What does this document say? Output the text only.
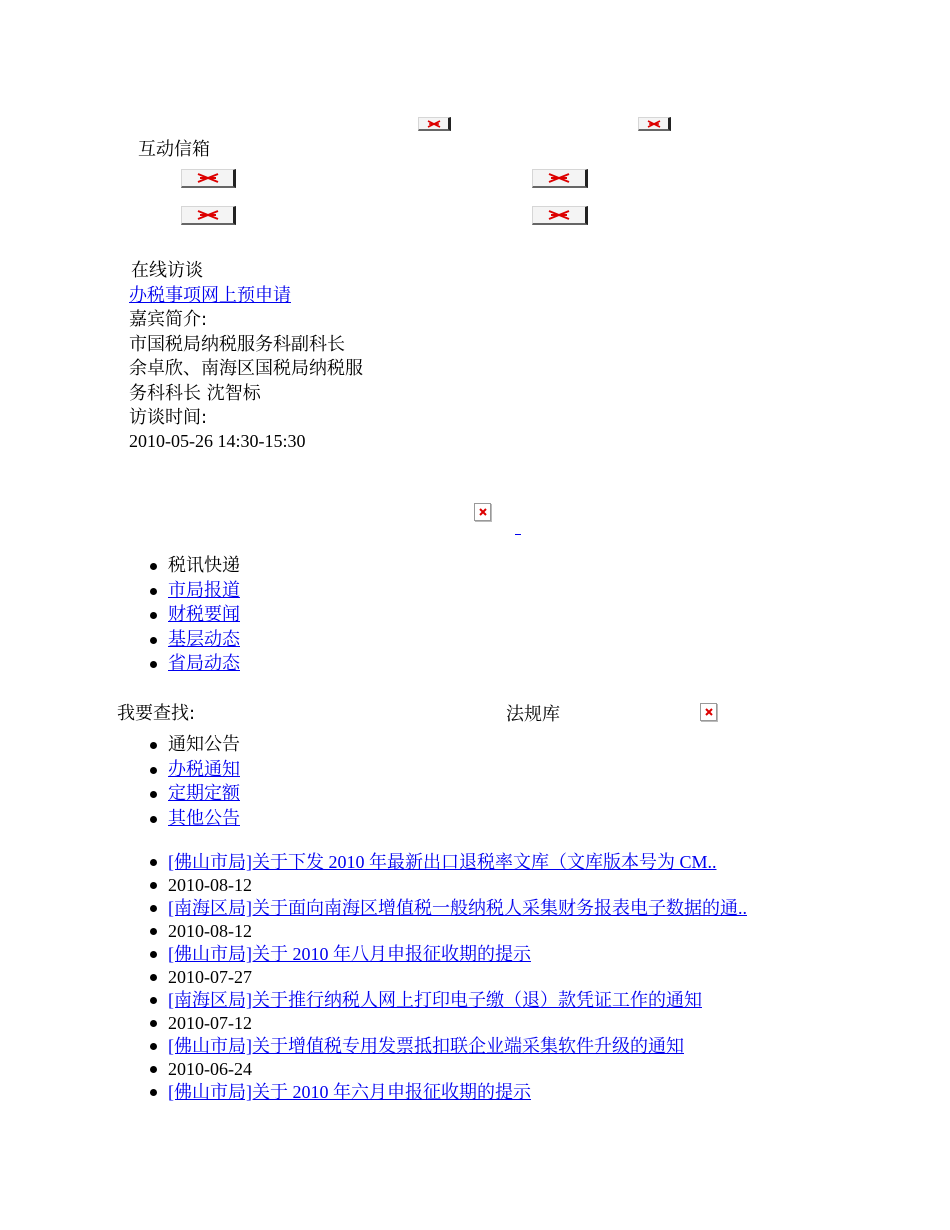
互动信箱
在线访谈
办税事项网上预申请
嘉宾简介:
市国税局纳税服务科副科长
余卓欣、南海区国税局纳税服
务科科长 沈智标
访谈时间:
2010-05-26 14:30-15:30
税讯快递
市局报道
财税要闻
基层动态
省局动态
我要查找:	法规库
通知公告
办税通知
定期定额
其他公告
[佛山市局]关于下发 2010 年最新出口退税率文库（文库版本号为 CM..
2010-08-12
[南海区局]关于面向南海区增值税一般纳税人采集财务报表电子数据的通..
2010-08-12
[佛山市局]关于 2010 年八月申报征收期的提示
2010-07-27
[南海区局]关于推行纳税人网上打印电子缴（退）款凭证工作的通知
2010-07-12
[佛山市局]关于增值税专用发票抵扣联企业端采集软件升级的通知
2010-06-24
[佛山市局]关于 2010 年六月申报征收期的提示
